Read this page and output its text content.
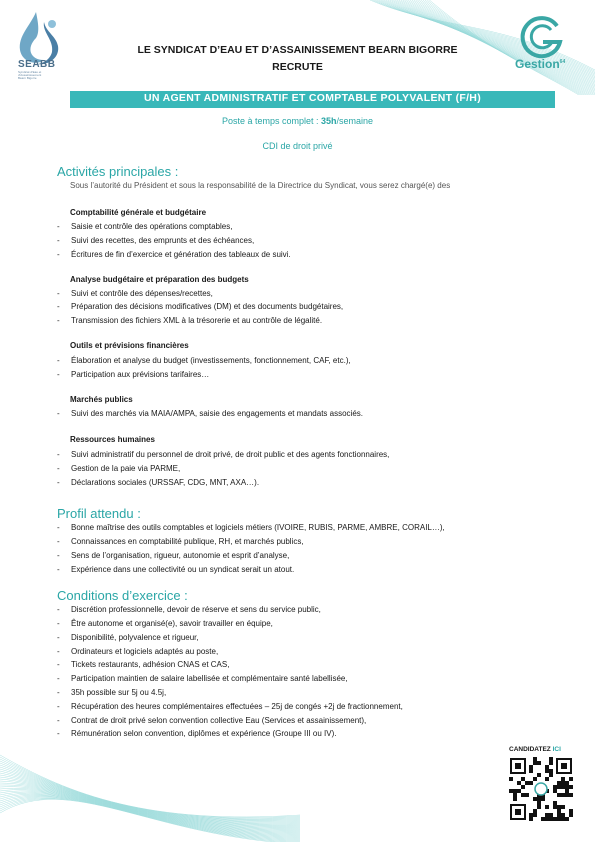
SEABB
Syndicat d'Eau et d'Assainissement Béarn Bigorre
LE SYNDICAT D’EAU ET D’ASSAINISSEMENT BEARN BIGORRE
RECRUTE	Gestion$^{64}$
UN AGENT ADMINISTRATIF ET COMPTABLE POLYVALENT (F/H)
Poste à temps complet : 35h/semaine
CDI de droit privé
Activités principales :
Sous l’autorité du Président et sous la responsabilité de la Directrice du Syndicat, vous serez chargé(e) des
Comptabilité générale et budgétaire
- Saisie et contrôle des opérations comptables,
- Suivi des recettes, des emprunts et des échéances,
- Écritures de fin d’exercice et génération des tableaux de suivi.
Analyse budgétaire et préparation des budgets
- Suivi et contrôle des dépenses/recettes,
- Préparation des décisions modificatives (DM) et des documents budgétaires,
- Transmission des fichiers XML à la trésorerie et au contrôle de légalité.
Outils et prévisions financières
- Élaboration et analyse du budget (investissements, fonctionnement, CAF, etc.),
- Participation aux prévisions tarifaires…
Marchés publics
- Suivi des marchés via MAIA/AMPA, saisie des engagements et mandats associés.
Ressources humaines
- Suivi administratif du personnel de droit privé, de droit public et des agents fonctionnaires,
- Gestion de la paie via PARME,
- Déclarations sociales (URSSAF, CDG, MNT, AXA…).
Profil attendu :
- Bonne maîtrise des outils comptables et logiciels métiers (IVOIRE, RUBIS, PARME, AMBRE, CORAIL…),
- Connaissances en comptabilité publique, RH, et marchés publics,
- Sens de l’organisation, rigueur, autonomie et esprit d’analyse,
- Expérience dans une collectivité ou un syndicat serait un atout.
Conditions d’exercice :
- Discrétion professionnelle, devoir de réserve et sens du service public,
- Être autonome et organisé(e), savoir travailler en équipe,
- Disponibilité, polyvalence et rigueur,
- Ordinateurs et logiciels adaptés au poste,
- Tickets restaurants, adhésion CNAS et CAS,
- Participation maintien de salaire labellisée et complémentaire santé labellisée,
- 35h possible sur 5j ou 4.5j,
- Récupération des heures complémentaires effectuées – 25j de congés +2j de fractionnement,
- Contrat de droit privé selon convention collective Eau (Services et assainissement),
- Rémunération selon convention, diplômes et expérience (Groupe III ou IV).
CANDIDATEZ ICI
